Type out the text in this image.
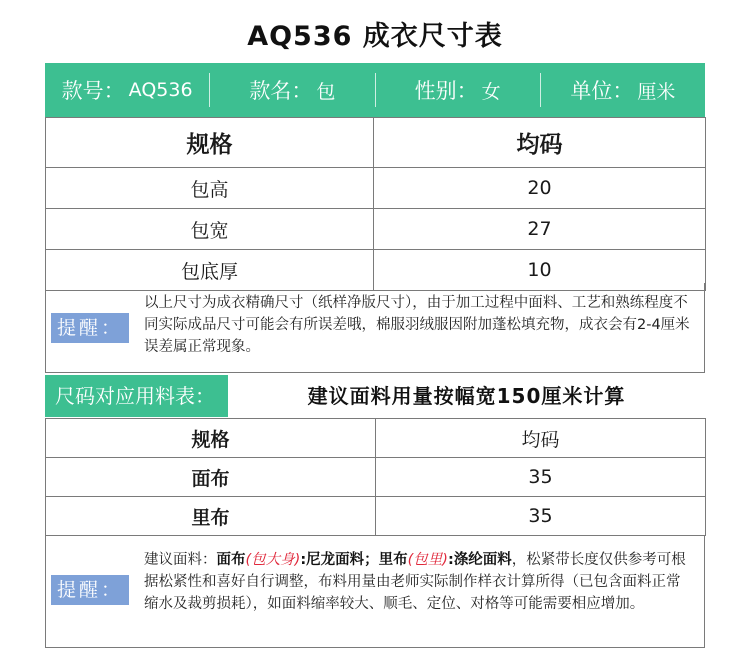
AQ536 成衣尺寸表
款号： AQ536	款名： 包	性别： 女	单位： 厘米
规格	均码
包高	20
包宽	27
包底厚	10
提醒：
以上尺寸为成衣精确尺寸（纸样净版尺寸），由于加工过程中面料、工艺和熟练程度不同实际成品尺寸可能会有所误差哦，棉服羽绒服因附加蓬松填充物，成衣会有2-4厘米误差属正常现象。
尺码对应用料表：	建议面料用量按幅宽150厘米计算
规格	均码
面布	35
里布	35
提醒：
建议面料：面布(包大身):尼龙面料；里布(包里):涤纶面料，松紧带长度仅供参考可根据松紧性和喜好自行调整，布料用量由老师实际制作样衣计算所得（已包含面料正常缩水及裁剪损耗），如面料缩率较大、顺毛、定位、对格等可能需要相应增加。
